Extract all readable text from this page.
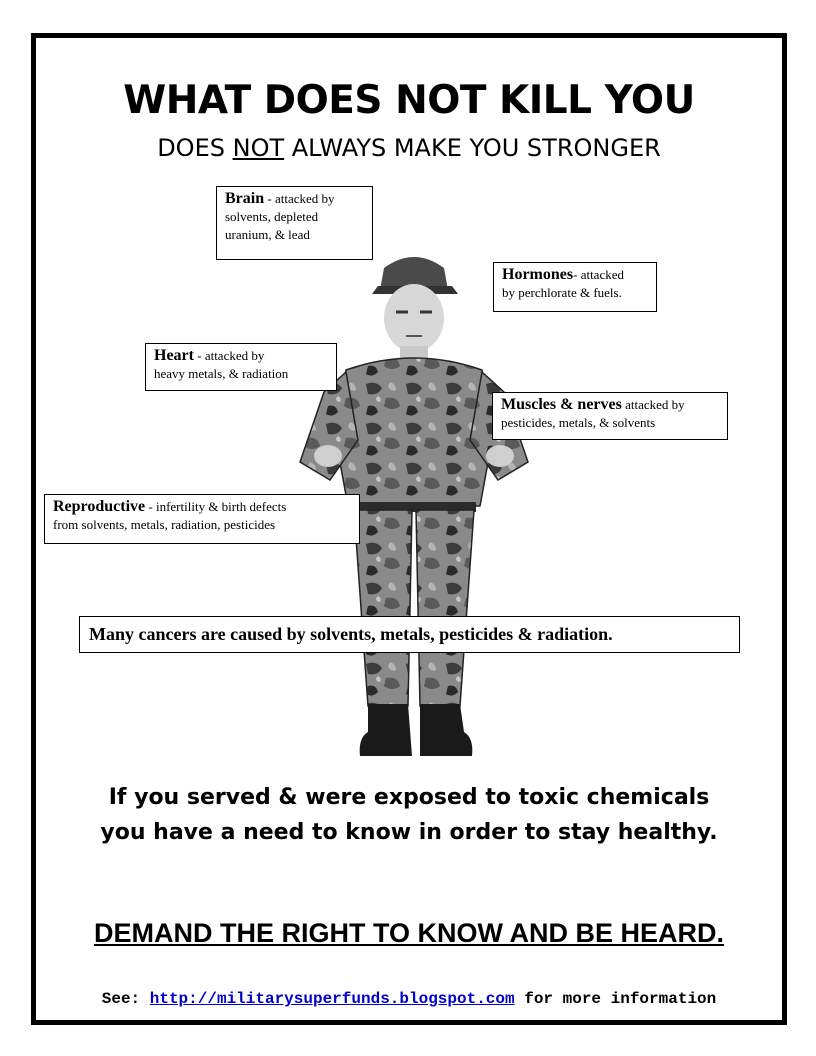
WHAT DOES NOT KILL YOU
DOES NOT ALWAYS MAKE YOU STRONGER
Brain - attacked by
solvents, depleted
uranium, & lead
Hormones- attacked
by perchlorate & fuels.
Heart - attacked by
heavy metals, & radiation
Muscles & nerves attacked by
pesticides, metals, & solvents
Reproductive - infertility & birth defects
from solvents, metals, radiation, pesticides
Many cancers are caused by solvents, metals, pesticides & radiation.
If you served & were exposed to toxic chemicals
you have a need to know in order to stay healthy.
DEMAND THE RIGHT TO KNOW AND BE HEARD.
See: http://militarysuperfunds.blogspot.com for more information
